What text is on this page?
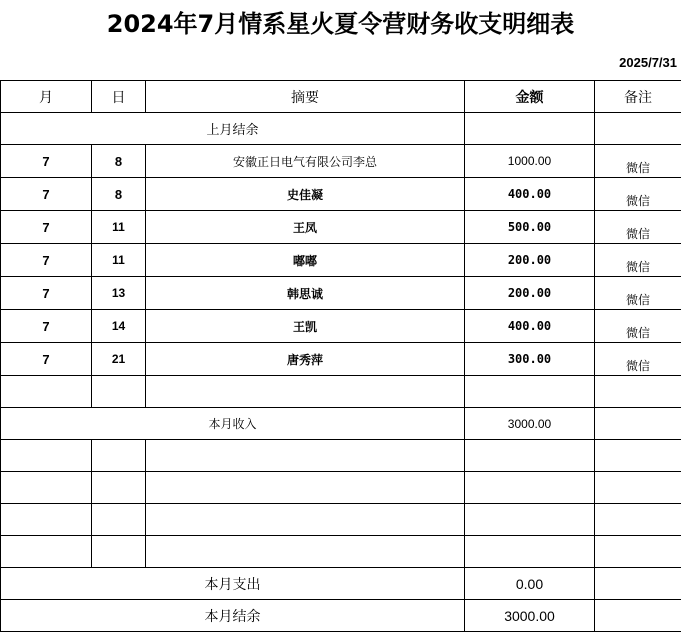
2024年7月情系星火夏令营财务收支明细表
2025/7/31
月	日	摘要	金额	备注
上月结余				
7	8	安徽正日电气有限公司李总	1000.00	微信
7	8	史佳凝	400.00	微信
7	11	王凤	500.00	微信
7	11	嘟嘟	200.00	微信
7	13	韩思诚	200.00	微信
7	14	王凯	400.00	微信
7	21	唐秀萍	300.00	微信

本月收入			3000.00	

本月支出			0.00	
本月结余			3000.00	
